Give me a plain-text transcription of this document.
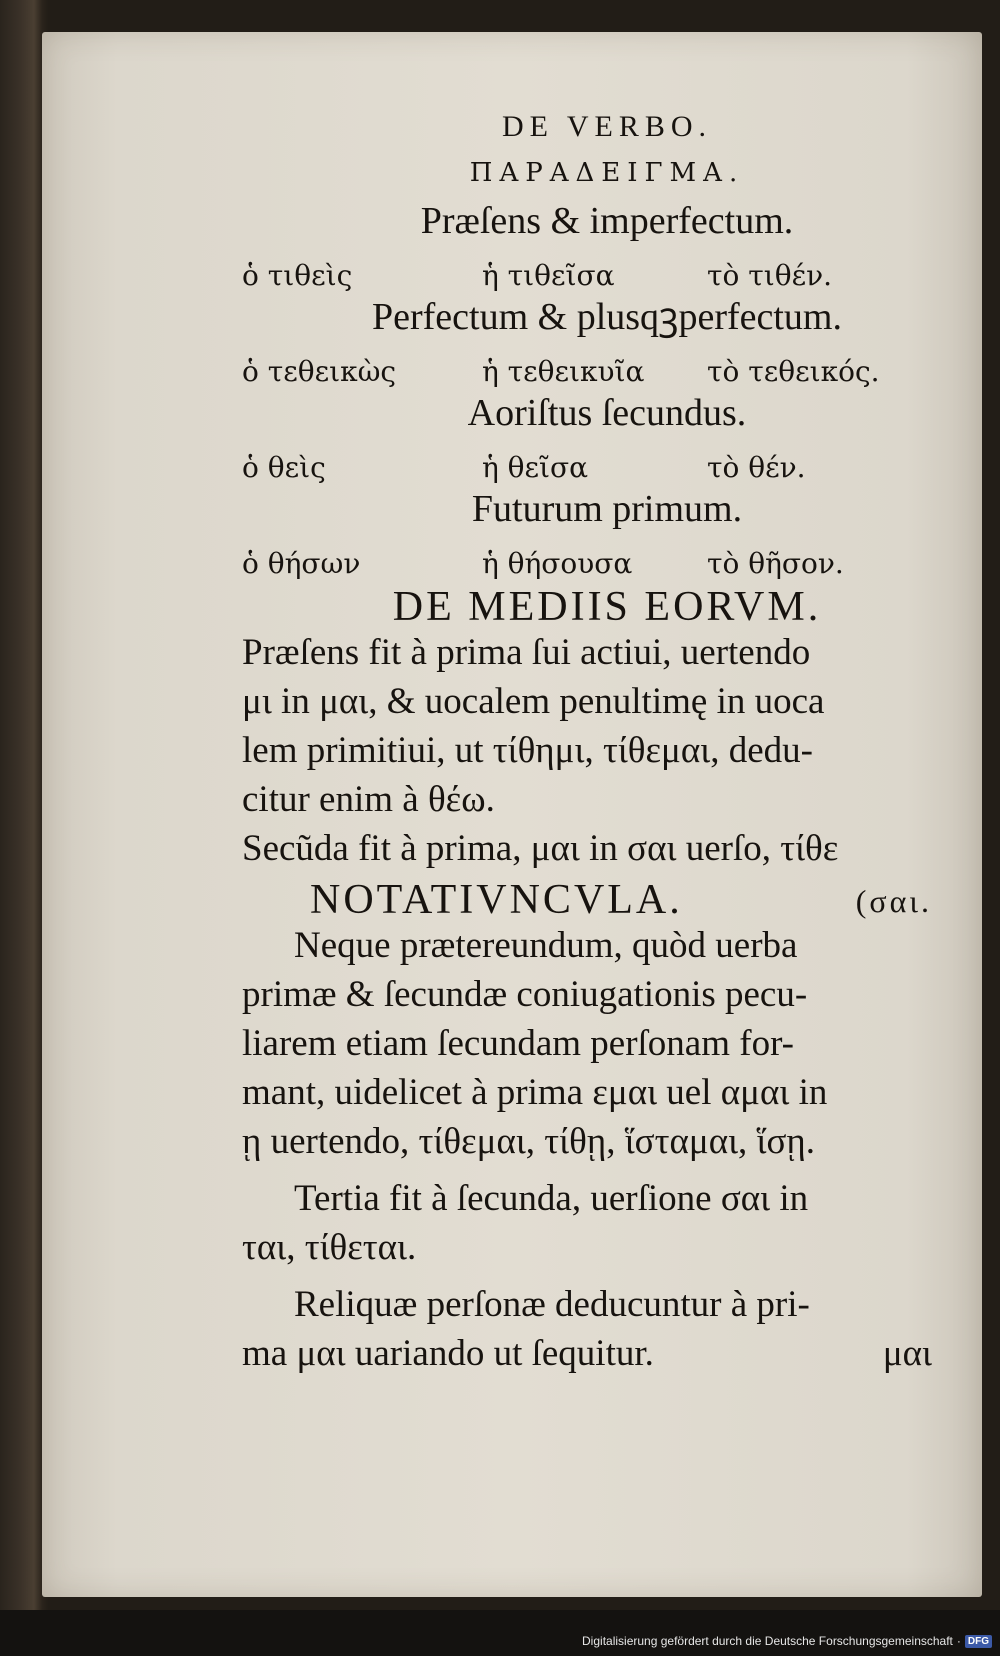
DE VERBO.
ΠΑΡΑΔΕΙΓΜΑ.
Præſens & imperfectum.
ὁ τιθεὶς	ἡ τιθεῖσα	τὸ τιθέν.
Perfectum & plusqꝫperfectum.
ὁ τεθεικὼς	ἡ τεθεικυῖα	τὸ τεθεικός.
Aoriſtus ſecundus.
ὁ θεὶς	ἡ θεῖσα	τὸ θέν.
Futurum primum.
ὁ θήσων	ἡ θήσουσα	τὸ θῆσον.
DE MEDIIS EORVM.
Præſens fit à prima ſui actiui, uertendo
μι in μαι, & uocalem penultimę in uoca
lem primitiui, ut τίθημι, τίθεμαι, dedu-
citur enim à θέω.
Secũda fit à prima, μαι in σαι uerſo, τίθε
NOTATIVNCVLA.	(σαι.
Neque prætereundum, quòd uerba
primæ & ſecundæ coniugationis pecu-
liarem etiam ſecundam perſonam for-
mant, uidelicet à prima εμαι uel αμαι in
ῃ uertendo, τίθεμαι, τίθῃ, ἵσταμαι, ἵσῃ.
Tertia fit à ſecunda, uerſione σαι in
ται, τίθεται.
Reliquæ perſonæ deducuntur à pri-
ma μαι uariando ut ſequitur.	μαι
Digitalisierung gefördert durch die Deutsche Forschungsgemeinschaft · DFG
